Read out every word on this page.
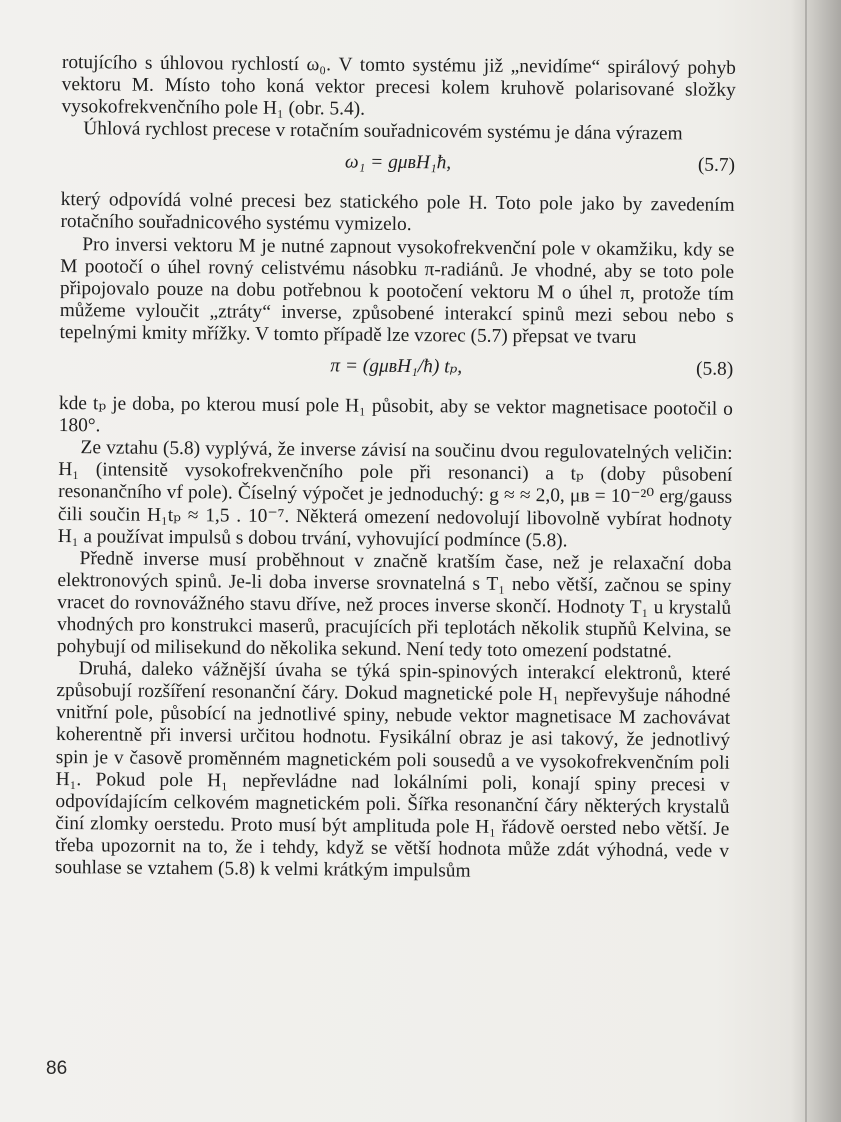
rotujícího s úhlovou rychlostí ω₀. V tomto systému již „nevidíme“ spirálový pohyb vektoru M. Místo toho koná vektor precesi kolem kruhově polarisované složky vysokofrekvenčního pole H₁ (obr. 5.4).

Úhlová rychlost precese v rotačním souřadnicovém systému je dána výrazem

ω₁ = gμʙH₁ħ,	(5.7)

který odpovídá volné precesi bez statického pole H. Toto pole jako by zavedením rotačního souřadnicového systému vymizelo.

Pro inversi vektoru M je nutné zapnout vysokofrekvenční pole v okamžiku, kdy se M pootočí o úhel rovný celistvému násobku π-radiánů. Je vhodné, aby se toto pole připojovalo pouze na dobu potřebnou k pootočení vektoru M o úhel π, protože tím můžeme vyloučit „ztráty“ inverse, způsobené interakcí spinů mezi sebou nebo s tepelnými kmity mřížky. V tomto případě lze vzorec (5.7) přepsat ve tvaru

π = (gμʙH₁/ħ) tₚ,	(5.8)

kde tₚ je doba, po kterou musí pole H₁ působit, aby se vektor magnetisace pootočil o 180°.

Ze vztahu (5.8) vyplývá, že inverse závisí na součinu dvou regulovatelných veličin: H₁ (intensitě vysokofrekvenčního pole při resonanci) a tₚ (doby působení resonančního vf pole). Číselný výpočet je jednoduchý: g ≈ ≈ 2,0, μʙ = 10⁻²⁰ erg/gauss čili součin H₁tₚ ≈ 1,5 . 10⁻⁷. Některá omezení nedovolují libovolně vybírat hodnoty H₁ a používat impulsů s dobou trvání, vyhovující podmínce (5.8).

Předně inverse musí proběhnout v značně kratším čase, než je relaxační doba elektronových spinů. Je-li doba inverse srovnatelná s T₁ nebo větší, začnou se spiny vracet do rovnovážného stavu dříve, než proces inverse skončí. Hodnoty T₁ u krystalů vhodných pro konstrukci maserů, pracujících při teplotách několik stupňů Kelvina, se pohybují od milisekund do několika sekund. Není tedy toto omezení podstatné.

Druhá, daleko vážnější úvaha se týká spin-spinových interakcí elektronů, které způsobují rozšíření resonanční čáry. Dokud magnetické pole H₁ nepřevyšuje náhodné vnitřní pole, působící na jednotlivé spiny, nebude vektor magnetisace M zachovávat koherentně při inversi určitou hodnotu. Fysikální obraz je asi takový, že jednotlivý spin je v časově proměnném magnetickém poli sousedů a ve vysokofrekvenčním poli H₁. Pokud pole H₁ nepřevládne nad lokálními poli, konají spiny precesi v odpovídajícím celkovém magnetickém poli. Šířka resonanční čáry některých krystalů činí zlomky oerstedu. Proto musí být amplituda pole H₁ řádově oersted nebo větší. Je třeba upozornit na to, že i tehdy, když se větší hodnota může zdát výhodná, vede v souhlase se vztahem (5.8) k velmi krátkým impulsům

86
